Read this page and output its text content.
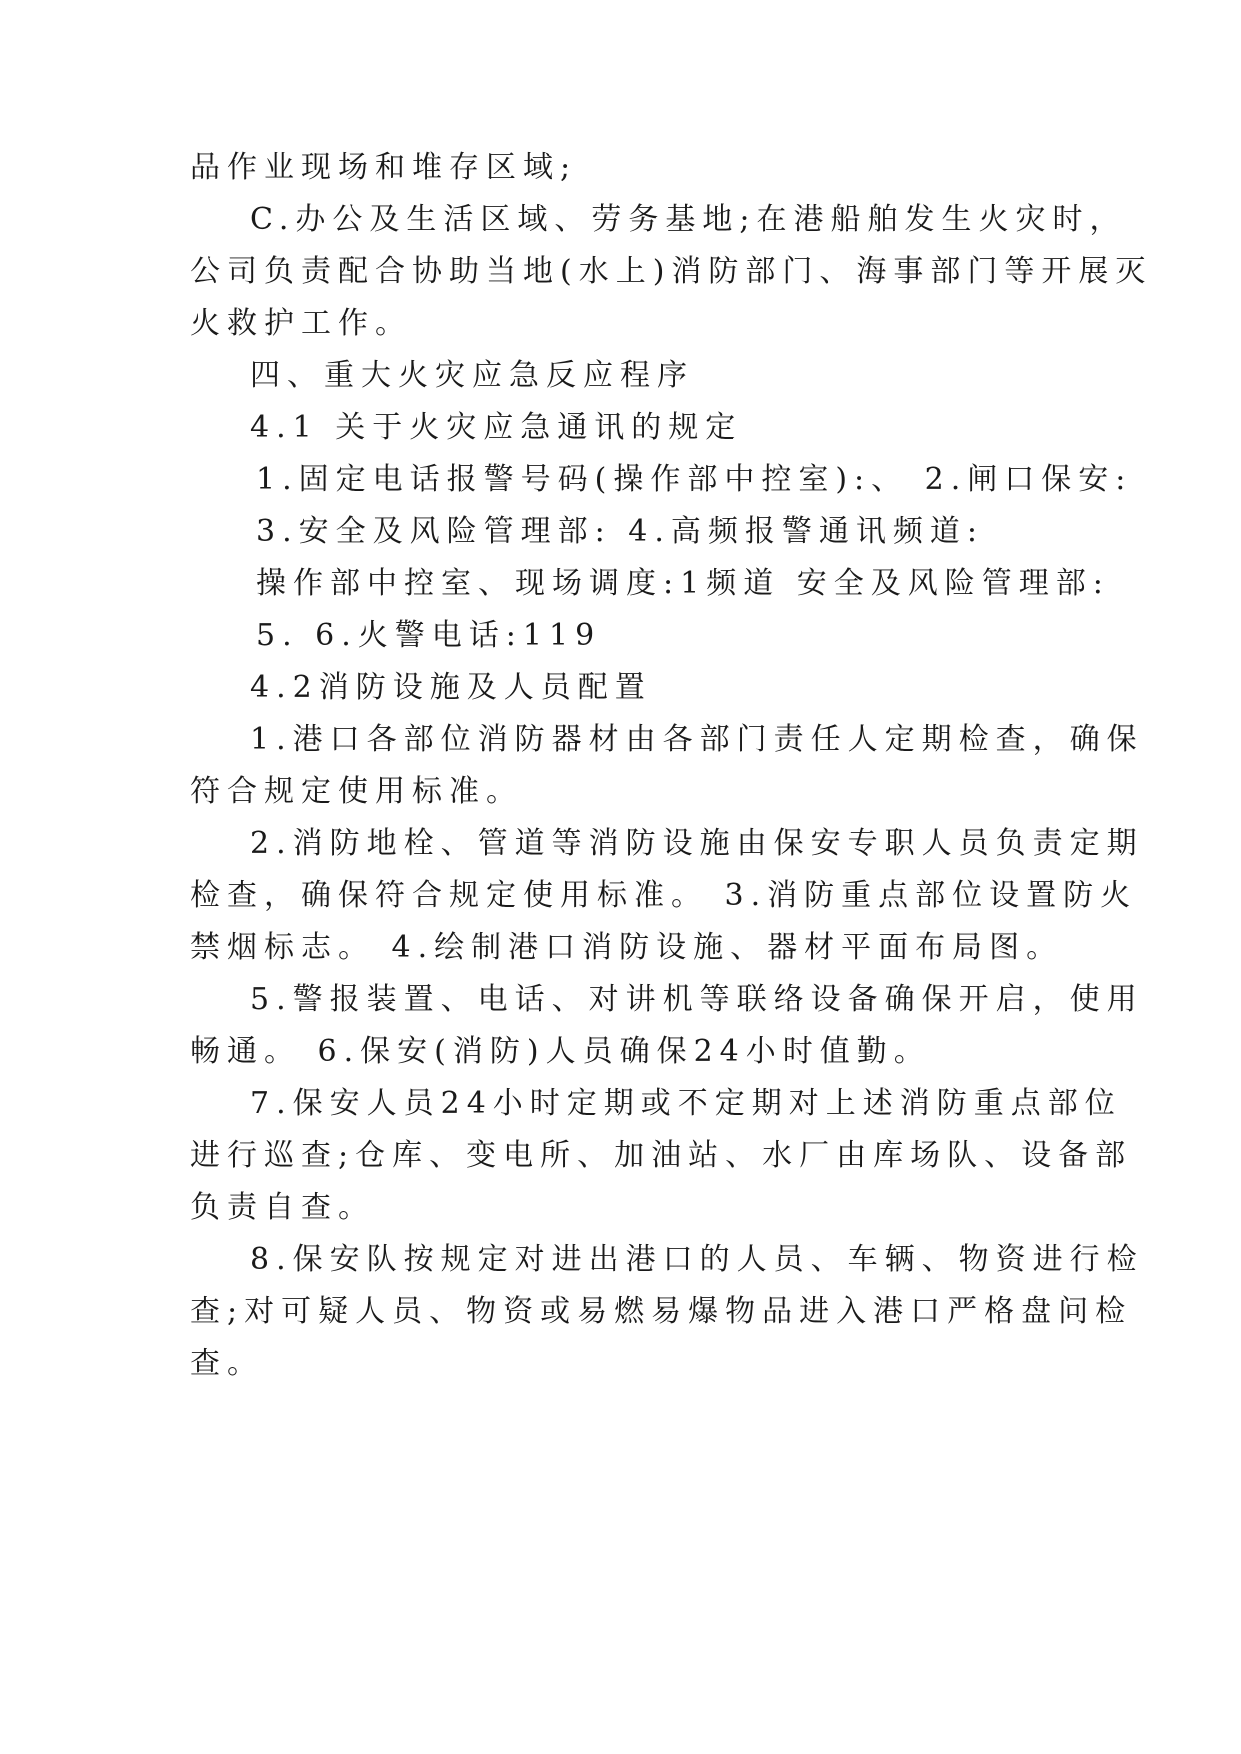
品作业现场和堆存区域;

C.办公及生活区域、劳务基地;在港船舶发生火灾时，

公司负责配合协助当地(水上)消防部门、海事部门等开展灭

火救护工作。

四、重大火灾应急反应程序

4.1 关于火灾应急通讯的规定

1.固定电话报警号码(操作部中控室):、 2.闸口保安:

3.安全及风险管理部: 4.高频报警通讯频道:

操作部中控室、现场调度:1频道 安全及风险管理部:

5. 6.火警电话:119

4.2消防设施及人员配置

1.港口各部位消防器材由各部门责任人定期检查，确保

符合规定使用标准。

2.消防地栓、管道等消防设施由保安专职人员负责定期

检查，确保符合规定使用标准。 3.消防重点部位设置防火

禁烟标志。 4.绘制港口消防设施、器材平面布局图。

5.警报装置、电话、对讲机等联络设备确保开启，使用

畅通。 6.保安(消防)人员确保24小时值勤。

7.保安人员24小时定期或不定期对上述消防重点部位

进行巡查;仓库、变电所、加油站、水厂由库场队、设备部

负责自查。

8.保安队按规定对进出港口的人员、车辆、物资进行检

查;对可疑人员、物资或易燃易爆物品进入港口严格盘问检

查。
